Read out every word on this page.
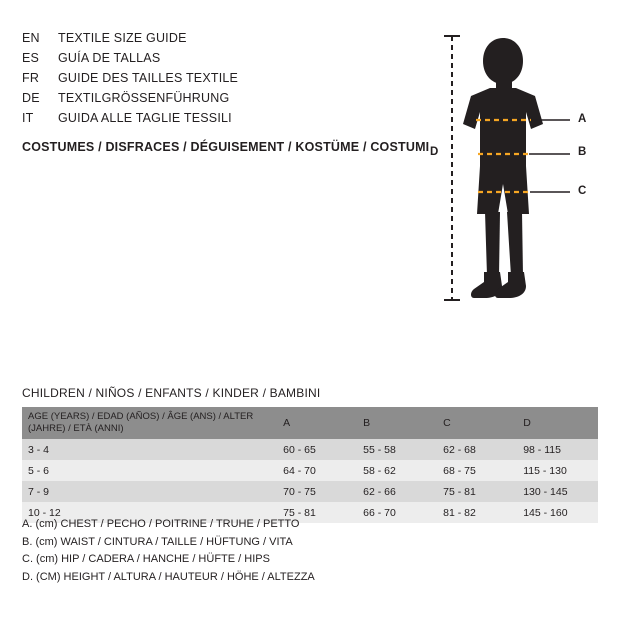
EN	TEXTILE SIZE GUIDE
ES	GUÍA DE TALLAS
FR	GUIDE DES TAILLES TEXTILE
DE	TEXTILGRÖSSENFÜHRUNG
IT	GUIDA ALLE TAGLIE TESSILI
COSTUMES / DISFRACES / DÉGUISEMENT / KOSTÜME / COSTUMI
A
B
C
D
CHILDREN / NIÑOS / ENFANTS / KINDER / BAMBINI
AGE (YEARS) / EDAD (AÑOS) / ÂGE (ANS) / ALTER (JAHRE) / ETÀ (ANNI)	A	B	C	D
3 - 4	60 - 65	55 - 58	62 - 68	98 - 115
5 - 6	64 - 70	58 - 62	68 - 75	115 - 130
7 - 9	70 - 75	62 - 66	75 - 81	130 - 145
10 - 12	75 - 81	66 - 70	81 - 82	145 - 160
A. (cm) CHEST / PECHO / POITRINE / TRUHE / PETTO
B. (cm) WAIST / CINTURA / TAILLE / HÜFTUNG / VITA
C. (cm) HIP / CADERA / HANCHE / HÜFTE / HIPS
D. (CM) HEIGHT / ALTURA / HAUTEUR / HÖHE / ALTEZZA
